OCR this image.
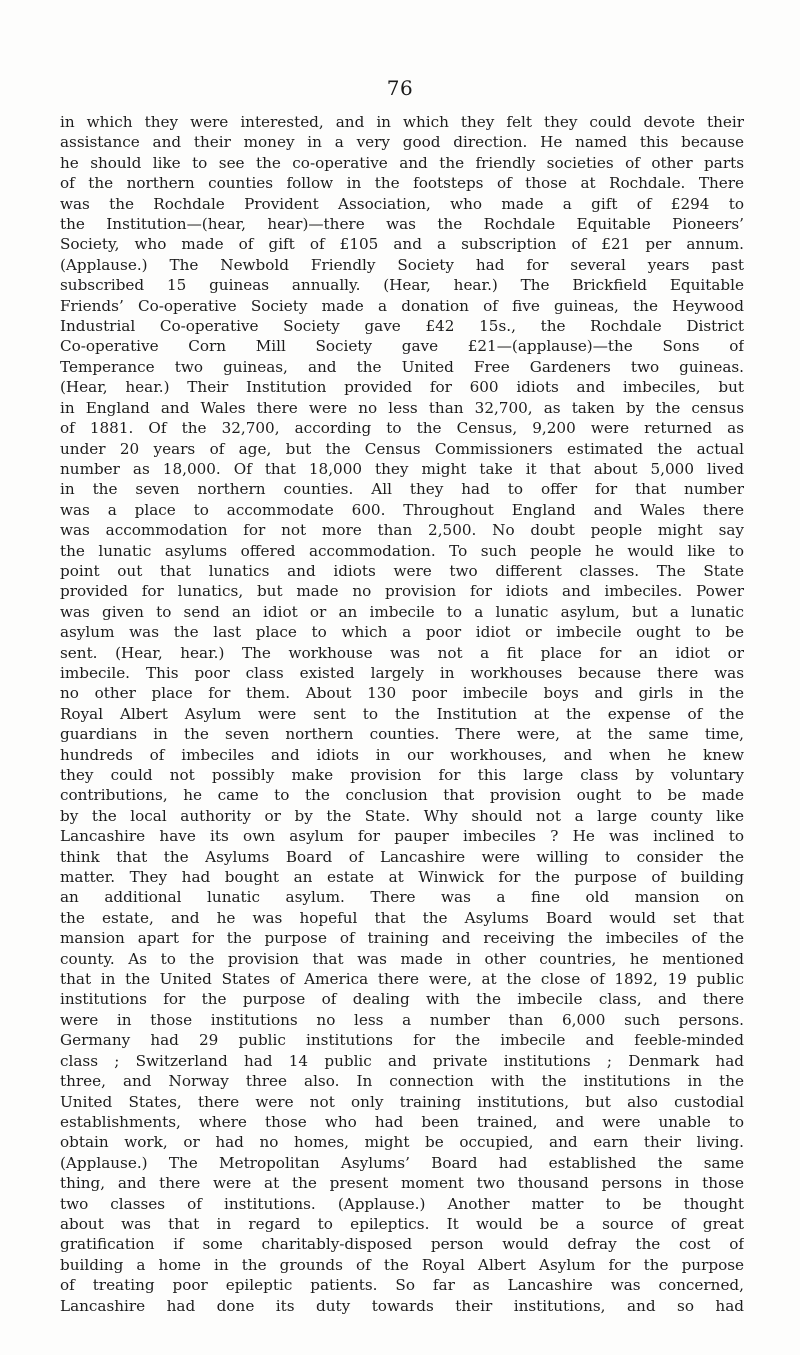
76
in which they were interested, and in which they felt they could devote their
assistance and their money in a very good direction. He named this because
he should like to see the co-operative and the friendly societies of other parts
of the northern counties follow in the footsteps of those at Rochdale. There
was the Rochdale Provident Association, who made a gift of £294 to
the Institution—(hear, hear)—there was the Rochdale Equitable Pioneers’
Society, who made of gift of £105 and a subscription of £21 per annum.
(Applause.) The Newbold Friendly Society had for several years past
subscribed 15 guineas annually. (Hear, hear.) The Brickfield Equitable
Friends’ Co-operative Society made a donation of five guineas, the Heywood
Industrial Co-operative Society gave £42 15s., the Rochdale District
Co-operative Corn Mill Society gave £21—(applause)—the Sons of
Temperance two guineas, and the United Free Gardeners two guineas.
(Hear, hear.) Their Institution provided for 600 idiots and imbeciles, but
in England and Wales there were no less than 32,700, as taken by the census
of 1881. Of the 32,700, according to the Census, 9,200 were returned as
under 20 years of age, but the Census Commissioners estimated the actual
number as 18,000. Of that 18,000 they might take it that about 5,000 lived
in the seven northern counties. All they had to offer for that number
was a place to accommodate 600. Throughout England and Wales there
was accommodation for not more than 2,500. No doubt people might say
the lunatic asylums offered accommodation. To such people he would like to
point out that lunatics and idiots were two different classes. The State
provided for lunatics, but made no provision for idiots and imbeciles. Power
was given to send an idiot or an imbecile to a lunatic asylum, but a lunatic
asylum was the last place to which a poor idiot or imbecile ought to be
sent. (Hear, hear.) The workhouse was not a fit place for an idiot or
imbecile. This poor class existed largely in workhouses because there was
no other place for them. About 130 poor imbecile boys and girls in the
Royal Albert Asylum were sent to the Institution at the expense of the
guardians in the seven northern counties. There were, at the same time,
hundreds of imbeciles and idiots in our workhouses, and when he knew
they could not possibly make provision for this large class by voluntary
contributions, he came to the conclusion that provision ought to be made
by the local authority or by the State. Why should not a large county like
Lancashire have its own asylum for pauper imbeciles ? He was inclined to
think that the Asylums Board of Lancashire were willing to consider the
matter. They had bought an estate at Winwick for the purpose of building
an additional lunatic asylum. There was a fine old mansion on
the estate, and he was hopeful that the Asylums Board would set that
mansion apart for the purpose of training and receiving the imbeciles of the
county. As to the provision that was made in other countries, he mentioned
that in the United States of America there were, at the close of 1892, 19 public
institutions for the purpose of dealing with the imbecile class, and there
were in those institutions no less a number than 6,000 such persons.
Germany had 29 public institutions for the imbecile and feeble-minded
class ; Switzerland had 14 public and private institutions ; Denmark had
three, and Norway three also. In connection with the institutions in the
United States, there were not only training institutions, but also custodial
establishments, where those who had been trained, and were unable to
obtain work, or had no homes, might be occupied, and earn their living.
(Applause.) The Metropolitan Asylums’ Board had established the same
thing, and there were at the present moment two thousand persons in those
two classes of institutions. (Applause.) Another matter to be thought
about was that in regard to epileptics. It would be a source of great
gratification if some charitably-disposed person would defray the cost of
building a home in the grounds of the Royal Albert Asylum for the purpose
of treating poor epileptic patients. So far as Lancashire was concerned,
Lancashire had done its duty towards their institutions, and so had
